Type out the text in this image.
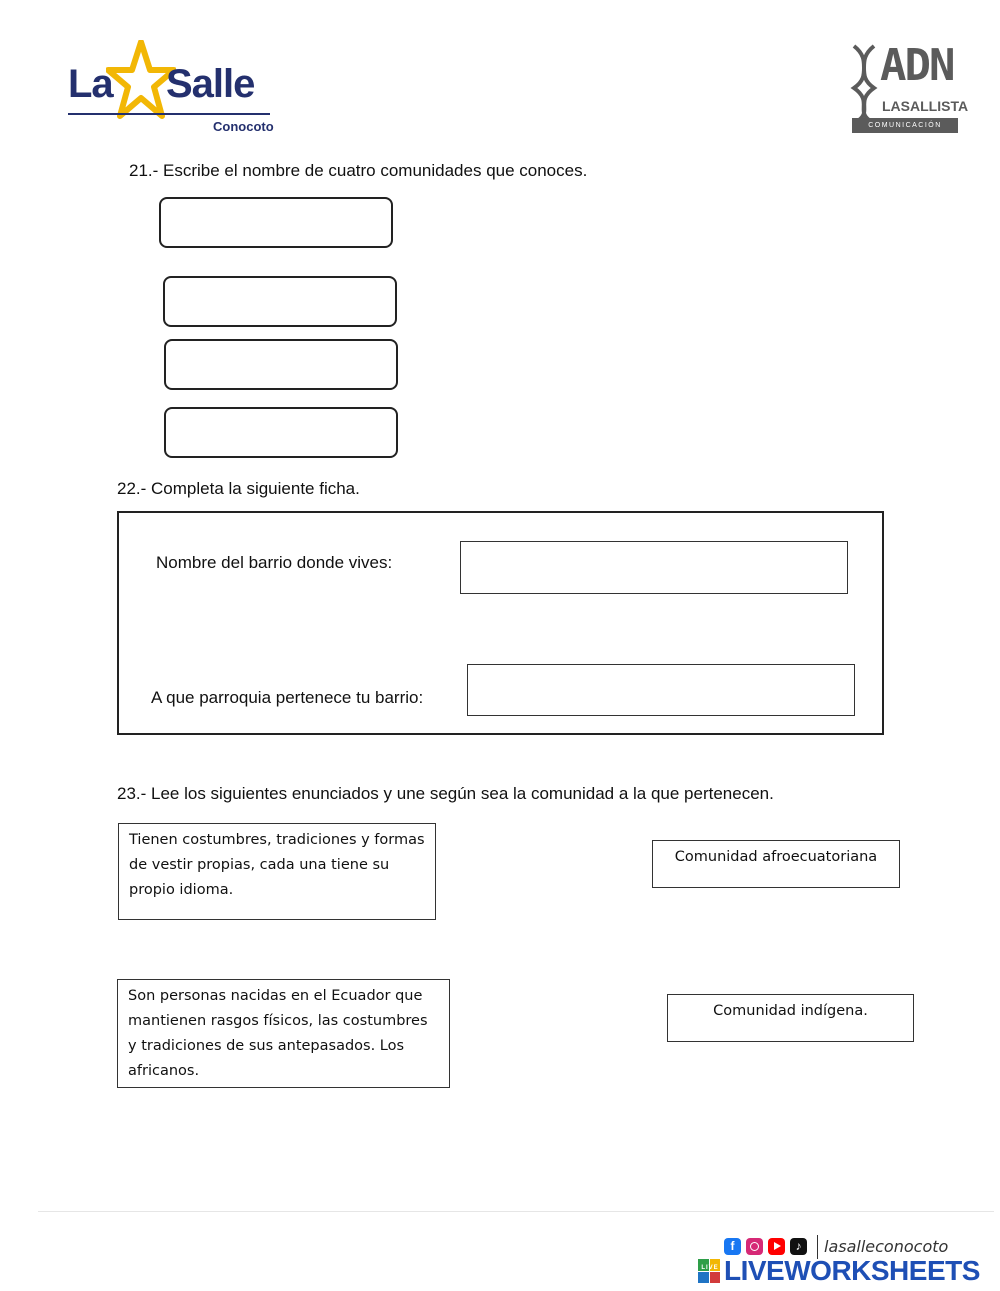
La Salle
Conocoto
ADN
LASALLISTA
COMUNICACIÓN
21.- Escribe el nombre de cuatro comunidades que conoces.
22.- Completa la siguiente ficha.
Nombre del barrio donde vives:
A que parroquia pertenece tu barrio:
23.- Lee los siguientes enunciados y une según sea la comunidad a la que pertenecen.
Tienen costumbres, tradiciones y formas de vestir propias, cada una tiene su propio idioma.
Son personas nacidas en el Ecuador que mantienen rasgos físicos, las costumbres y tradiciones de sus antepasados. Los africanos.
Comunidad afroecuatoriana
Comunidad indígena.
f	♪	lasalleconocoto
LIVE LIVEWORKSHEETS
